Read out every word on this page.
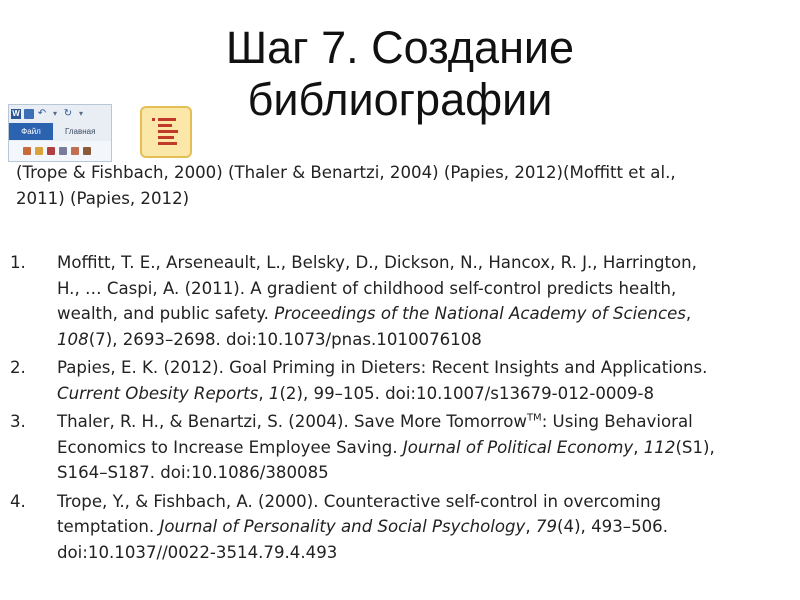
Шаг 7. Создание
библиографии
W ↶ ▾ ↻ ▾
Файл	Главная
(Trope & Fishbach, 2000) (Thaler & Benartzi, 2004) (Papies, 2012)(Moffitt et al.,
2011) (Papies, 2012)
1. Moffitt, T. E., Arseneault, L., Belsky, D., Dickson, N., Hancox, R. J., Harrington,
H., … Caspi, A. (2011). A gradient of childhood self-control predicts health,
wealth, and public safety. Proceedings of the National Academy of Sciences,
108(7), 2693–2698. doi:10.1073/pnas.1010076108
2. Papies, E. K. (2012). Goal Priming in Dieters: Recent Insights and Applications.
Current Obesity Reports, 1(2), 99–105. doi:10.1007/s13679-012-0009-8
3. Thaler, R. H., & Benartzi, S. (2004). Save More Tomorrow™: Using Behavioral
Economics to Increase Employee Saving. Journal of Political Economy, 112(S1),
S164–S187. doi:10.1086/380085
4. Trope, Y., & Fishbach, A. (2000). Counteractive self-control in overcoming
temptation. Journal of Personality and Social Psychology, 79(4), 493–506.
doi:10.1037//0022-3514.79.4.493
